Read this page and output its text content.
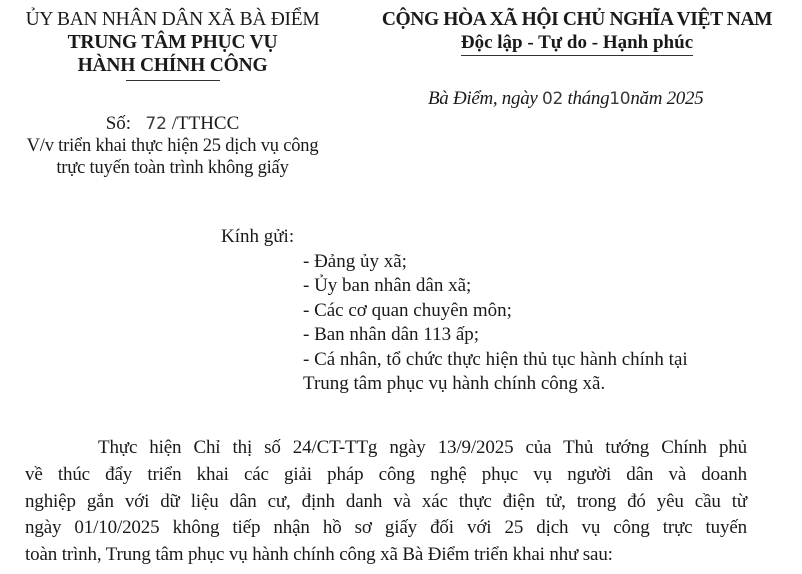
ỦY BAN NHÂN DÂN XÃ BÀ ĐIỂM
TRUNG TÂM PHỤC VỤ
HÀNH CHÍNH CÔNG
CỘNG HÒA XÃ HỘI CHỦ NGHĨA VIỆT NAM
Độc lập - Tự do - Hạnh phúc
Bà Điểm, ngày 02 tháng10năm 2025
Số: 72 /TTHCC
V/v triển khai thực hiện 25 dịch vụ công
trực tuyến toàn trình không giấy
Kính gửi:
- Đảng ủy xã;
- Ủy ban nhân dân xã;
- Các cơ quan chuyên môn;
- Ban nhân dân 113 ấp;
- Cá nhân, tổ chức thực hiện thủ tục hành chính tại
Trung tâm phục vụ hành chính công xã.
Thực hiện Chỉ thị số 24/CT-TTg ngày 13/9/2025 của Thủ tướng Chính phủ
về thúc đẩy triển khai các giải pháp công nghệ phục vụ người dân và doanh
nghiệp gắn với dữ liệu dân cư, định danh và xác thực điện tử, trong đó yêu cầu từ
ngày 01/10/2025 không tiếp nhận hồ sơ giấy đối với 25 dịch vụ công trực tuyến
toàn trình, Trung tâm phục vụ hành chính công xã Bà Điểm triển khai như sau:
